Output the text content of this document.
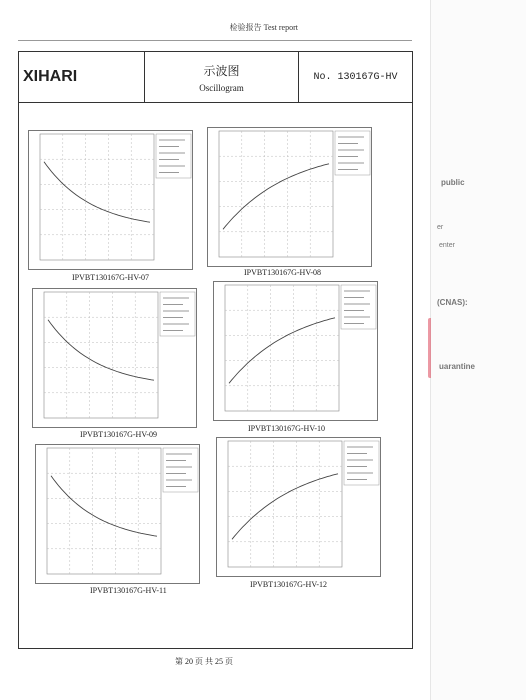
检验报告 Test report
XIHARI	示波图
Oscillogram
No. 130167G-HV
IPVBT130167G-HV-07
IPVBT130167G-HV-08
IPVBT130167G-HV-09
IPVBT130167G-HV-10
IPVBT130167G-HV-11
IPVBT130167G-HV-12
第 20 页 共 25 页
public
er
enter
(CNAS):
uarantine
